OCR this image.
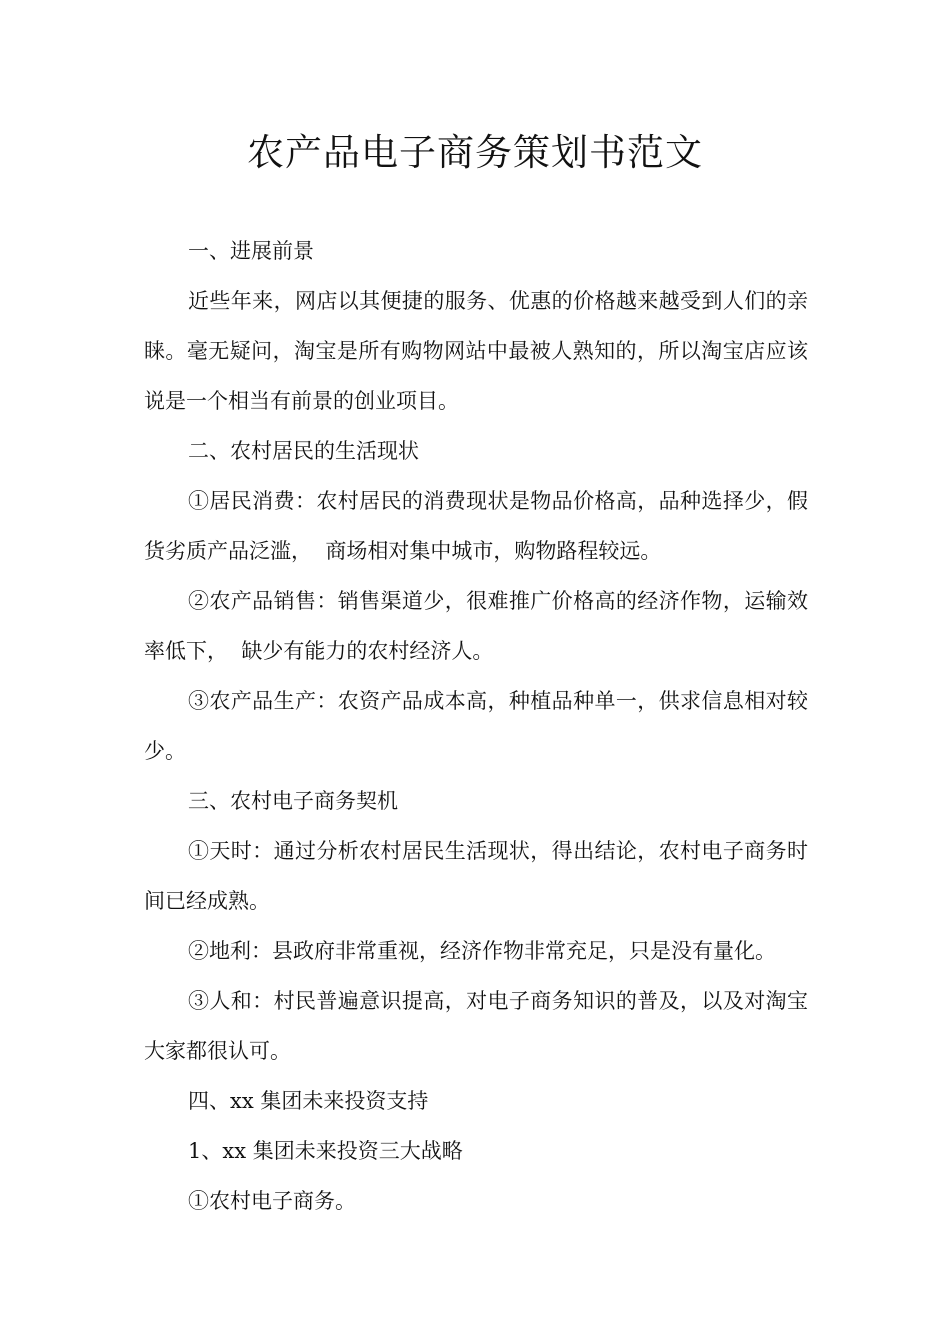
农产品电子商务策划书范文

一、进展前景

近些年来，网店以其便捷的服务、优惠的价格越来越受到人们的亲睐。毫无疑问，淘宝是所有购物网站中最被人熟知的，所以淘宝店应该说是一个相当有前景的创业项目。

二、农村居民的生活现状

①居民消费：农村居民的消费现状是物品价格高，品种选择少，假货劣质产品泛滥，  商场相对集中城市，购物路程较远。

②农产品销售：销售渠道少，很难推广价格高的经济作物，运输效率低下，  缺少有能力的农村经济人。

③农产品生产：农资产品成本高，种植品种单一，供求信息相对较少。

三、农村电子商务契机

①天时：通过分析农村居民生活现状，得出结论，农村电子商务时间已经成熟。

②地利：县政府非常重视，经济作物非常充足，只是没有量化。

③人和：村民普遍意识提高，对电子商务知识的普及，以及对淘宝大家都很认可。

四、xx 集团未来投资支持

1、xx 集团未来投资三大战略

①农村电子商务。
